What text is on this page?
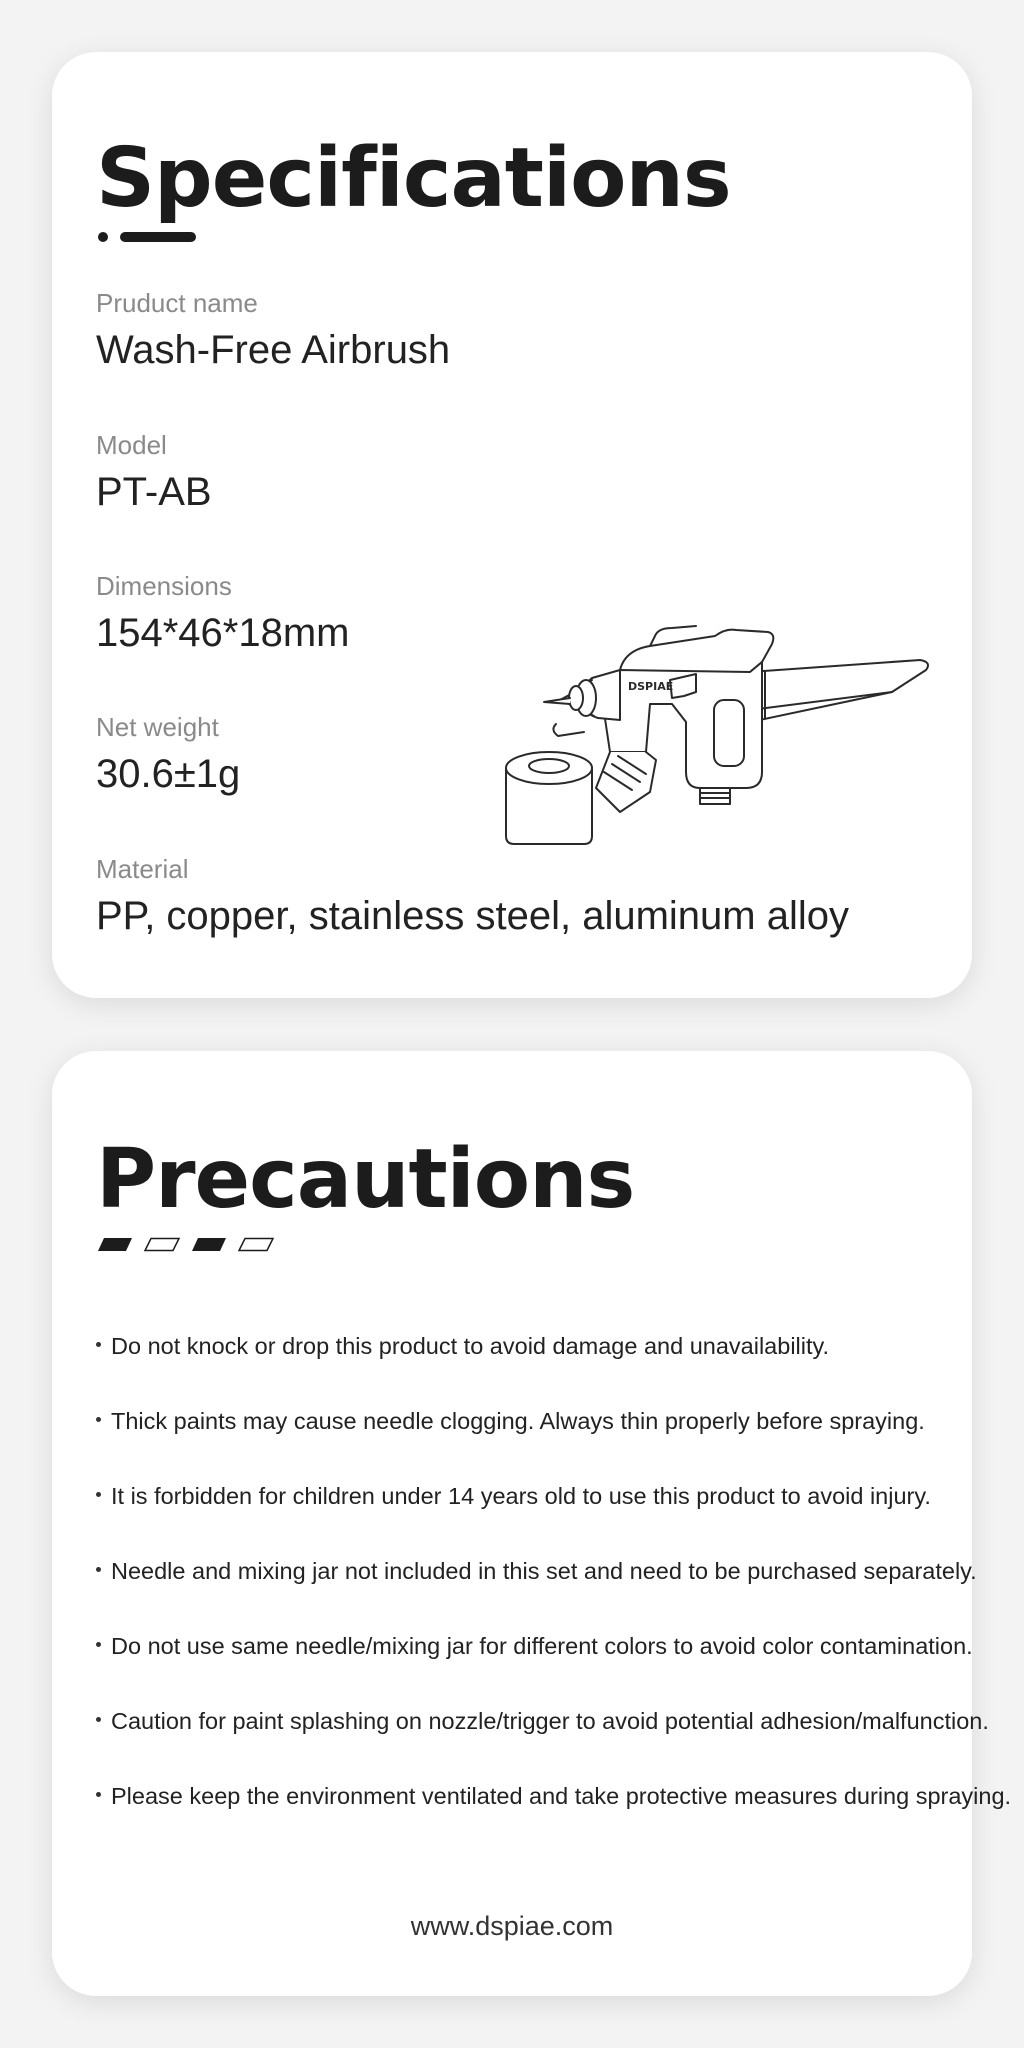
Specifications
Pruduct name
Wash-Free Airbrush
Model
PT-AB
Dimensions
154*46*18mm
Net weight
30.6±1g
Material
PP, copper, stainless steel, aluminum alloy
DSPIAE
Precautions
Do not knock or drop this product to avoid damage and unavailability.
Thick paints may cause needle clogging. Always thin properly before spraying.
It is forbidden for children under 14 years old to use this product to avoid injury.
Needle and mixing jar not included in this set and need to be purchased separately.
Do not use same needle/mixing jar for different colors to avoid color contamination.
Caution for paint splashing on nozzle/trigger to avoid potential adhesion/malfunction.
Please keep the environment ventilated and take protective measures during spraying.
www.dspiae.com
